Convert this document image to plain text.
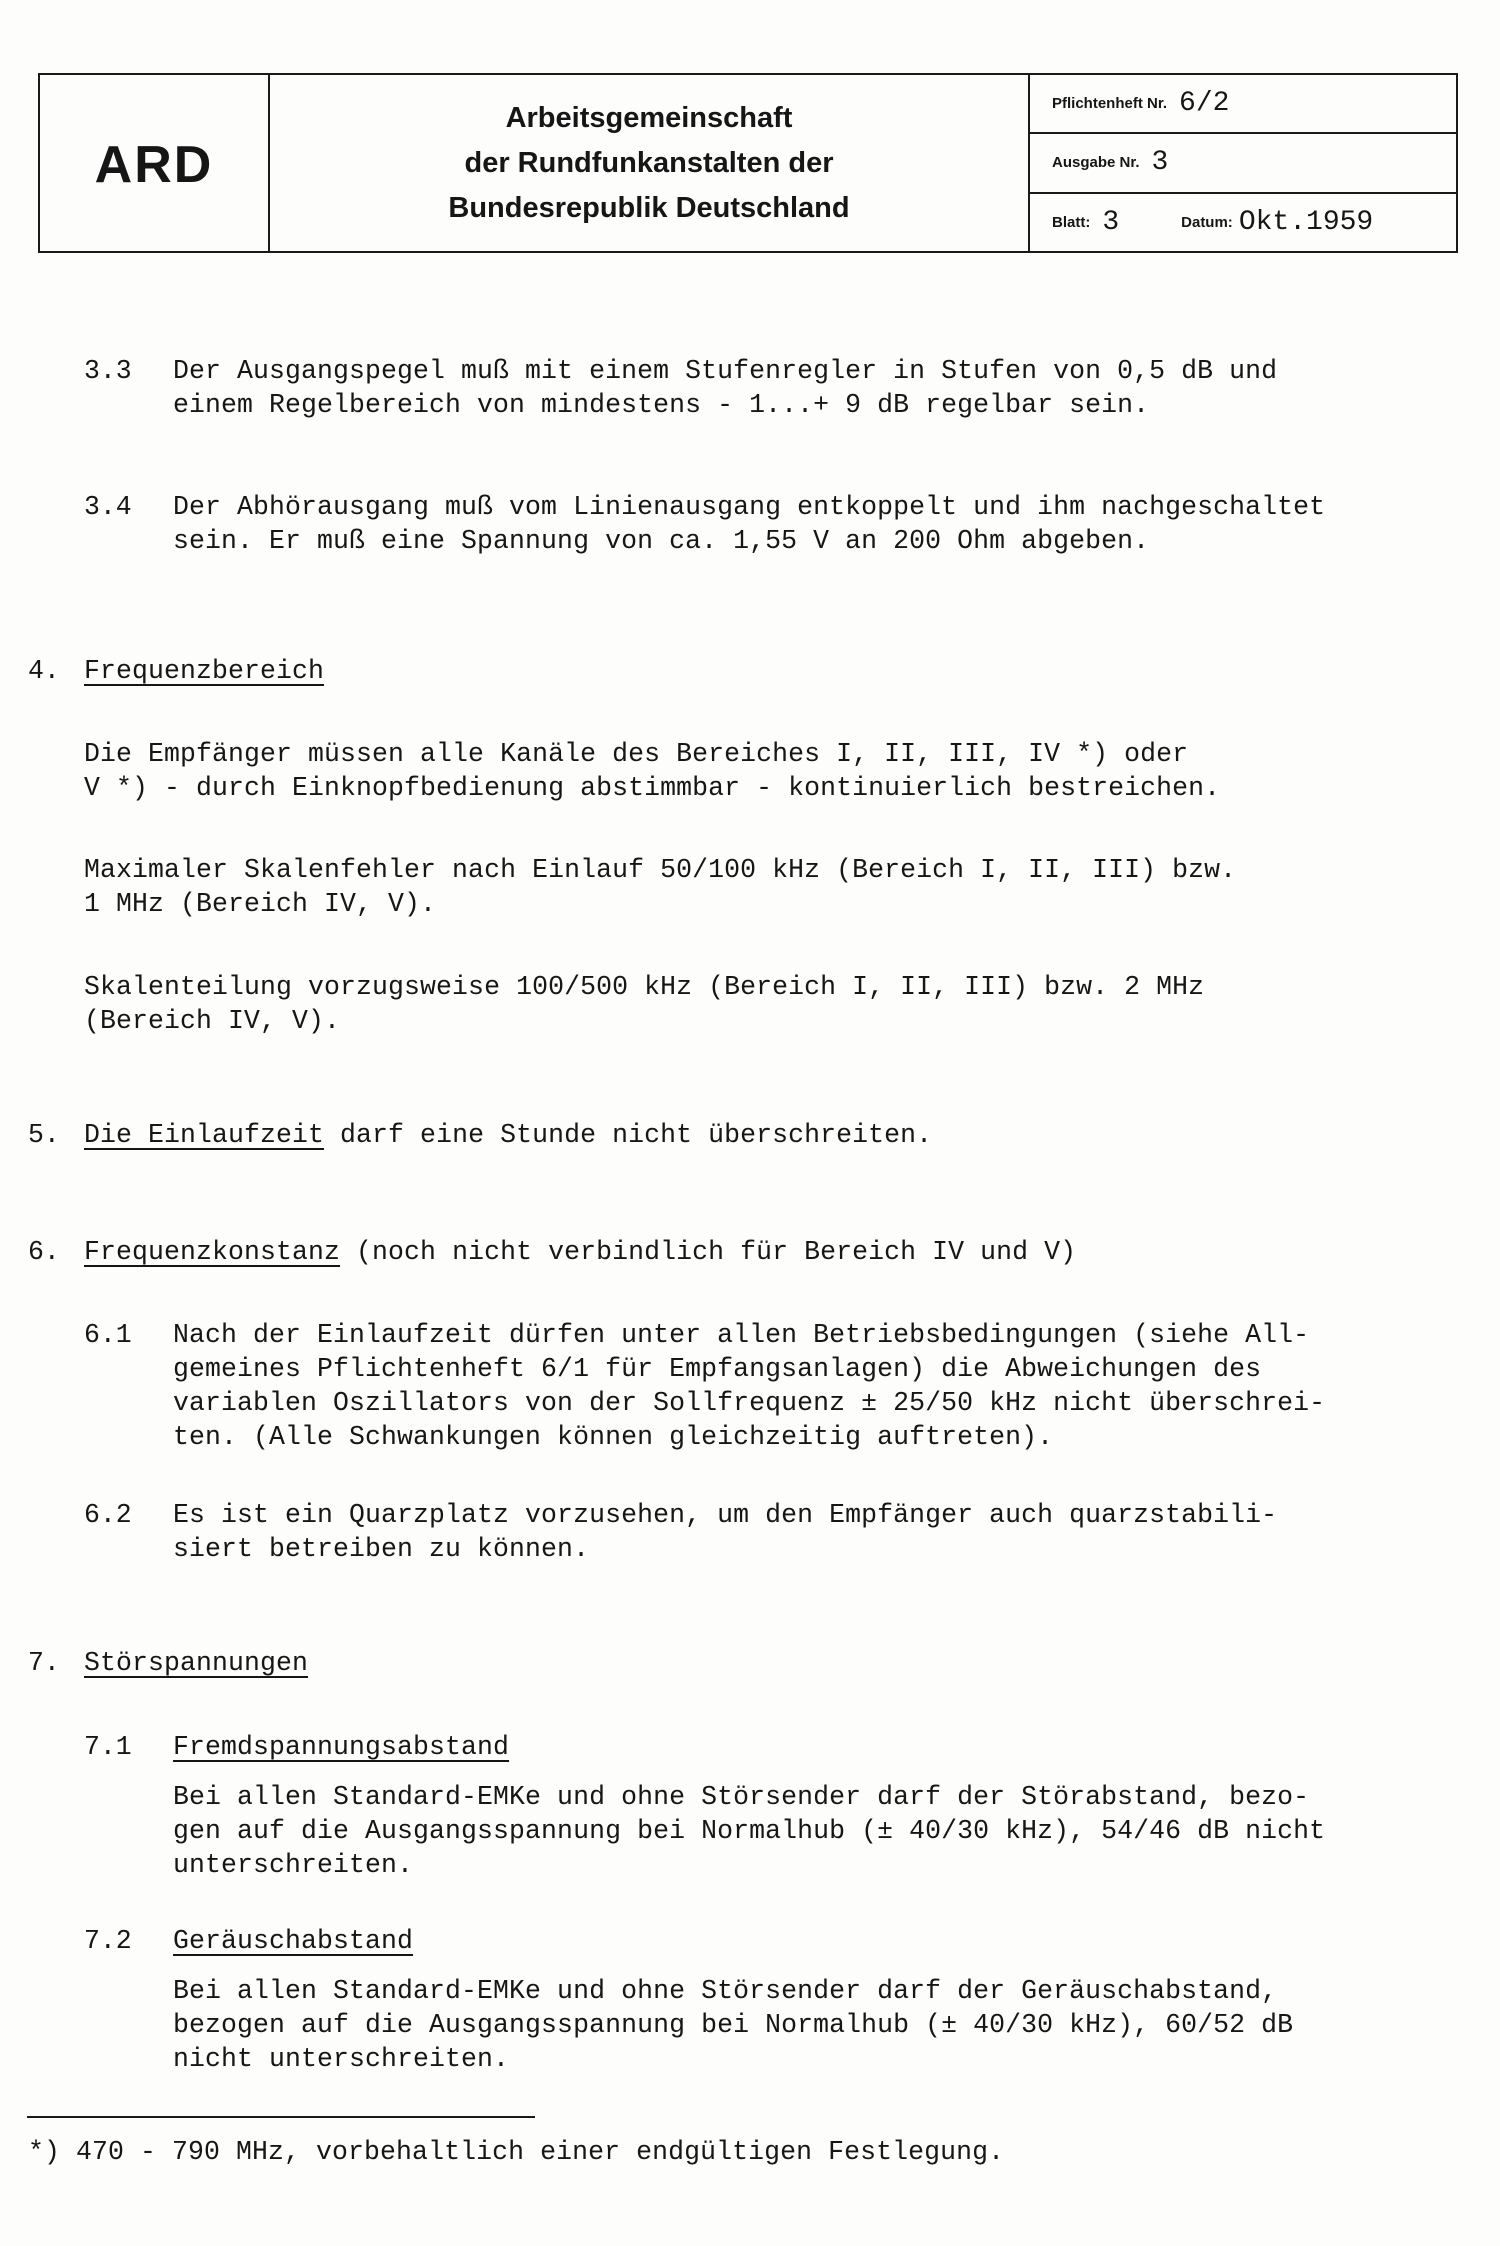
ARD
Arbeitsgemeinschaft
der Rundfunkanstalten der
Bundesrepublik Deutschland
Pflichtenheft Nr. 6/2
Ausgabe Nr. 3
Blatt: 3	Datum: Okt.1959
3.3 Der Ausgangspegel muß mit einem Stufenregler in Stufen von 0,5 dB und
einem Regelbereich von mindestens - 1...+ 9 dB regelbar sein.
3.4 Der Abhörausgang muß vom Linienausgang entkoppelt und ihm nachgeschaltet
sein. Er muß eine Spannung von ca. 1,55 V an 200 Ohm abgeben.
4. Frequenzbereich
Die Empfänger müssen alle Kanäle des Bereiches I, II, III, IV *) oder
V *) - durch Einknopfbedienung abstimmbar - kontinuierlich bestreichen.
Maximaler Skalenfehler nach Einlauf 50/100 kHz (Bereich I, II, III) bzw.
1 MHz (Bereich IV, V).
Skalenteilung vorzugsweise 100/500 kHz (Bereich I, II, III) bzw. 2 MHz
(Bereich IV, V).
5. Die Einlaufzeit darf eine Stunde nicht überschreiten.
6. Frequenzkonstanz (noch nicht verbindlich für Bereich IV und V)
6.1 Nach der Einlaufzeit dürfen unter allen Betriebsbedingungen (siehe All-
gemeines Pflichtenheft 6/1 für Empfangsanlagen) die Abweichungen des
variablen Oszillators von der Sollfrequenz ± 25/50 kHz nicht überschrei-
ten. (Alle Schwankungen können gleichzeitig auftreten).
6.2 Es ist ein Quarzplatz vorzusehen, um den Empfänger auch quarzstabili-
siert betreiben zu können.
7. Störspannungen
7.1 Fremdspannungsabstand
Bei allen Standard-EMKe und ohne Störsender darf der Störabstand, bezo-
gen auf die Ausgangsspannung bei Normalhub (± 40/30 kHz), 54/46 dB nicht
unterschreiten.
7.2 Geräuschabstand
Bei allen Standard-EMKe und ohne Störsender darf der Geräuschabstand,
bezogen auf die Ausgangsspannung bei Normalhub (± 40/30 kHz), 60/52 dB
nicht unterschreiten.
*) 470 - 790 MHz, vorbehaltlich einer endgültigen Festlegung.
